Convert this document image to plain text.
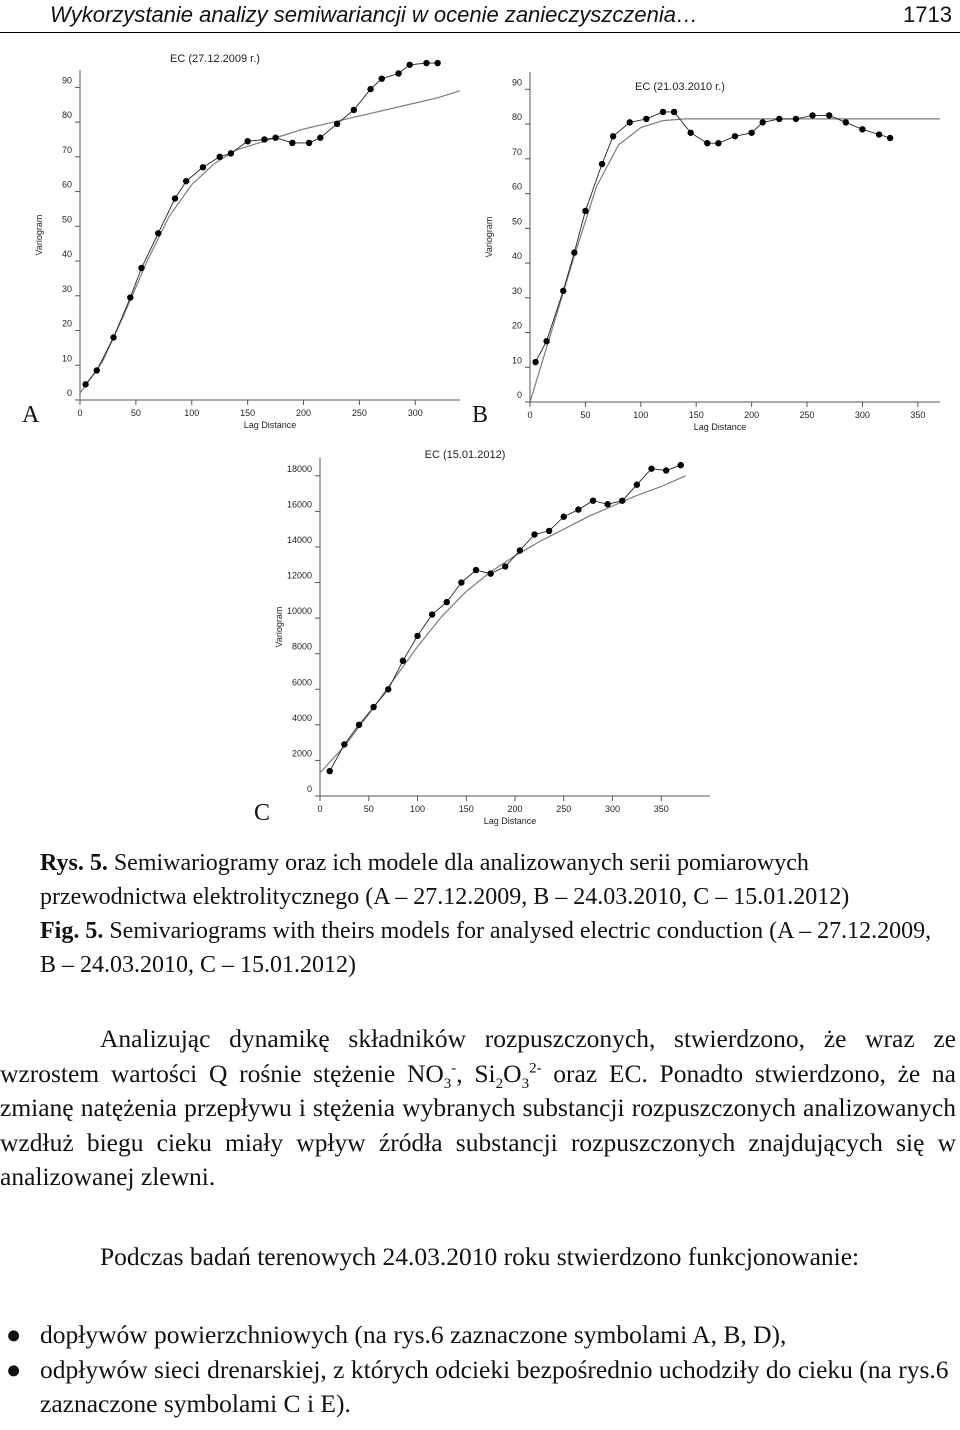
Wykorzystanie analizy semiwariancji w ocenie zanieczyszczenia…	1713
0	50	100	150	200	250	300
0
10
20
30
40
50
60
70
80
90
Lag Distance
Variogram
EC (27.12.2009 r.)
A	0	50	100	150	200	250	300	350
0
10
20
30
40
50
60
70
80
90
Lag Distance
Variogram
EC (21.03.2010 r.)
B
0	50	100	150	200	250	300	350
0
2000
4000
6000
8000
10000
12000
14000
16000
18000
Lag Distance
Variogram
EC (15.01.2012)
C
Rys. 5. Semiwariogramy oraz ich modele dla analizowanych serii pomiarowych przewodnictwa elektrolitycznego (A – 27.12.2009, B – 24.03.2010, C – 15.01.2012)
Fig. 5. Semivariograms with theirs models for analysed electric conduction (A – 27.12.2009, B – 24.03.2010, C – 15.01.2012)
Analizując dynamikę składników rozpuszczonych, stwierdzono, że wraz ze wzrostem wartości Q rośnie stężenie $NO_3^-$, $Si_2O_3^{2-}$ oraz EC. Ponadto stwierdzono, że na zmianę natężenia przepływu i stężenia wybranych substancji rozpuszczonych analizowanych wzdłuż biegu cieku miały wpływ źródła substancji rozpuszczonych znajdujących się w analizowanej zlewni.
Podczas badań terenowych 24.03.2010 roku stwierdzono funkcjonowanie:
● dopływów powierzchniowych (na rys.6 zaznaczone symbolami A, B, D),
● odpływów sieci drenarskiej, z których odcieki bezpośrednio uchodziły do cieku (na rys.6 zaznaczone symbolami C i E).
